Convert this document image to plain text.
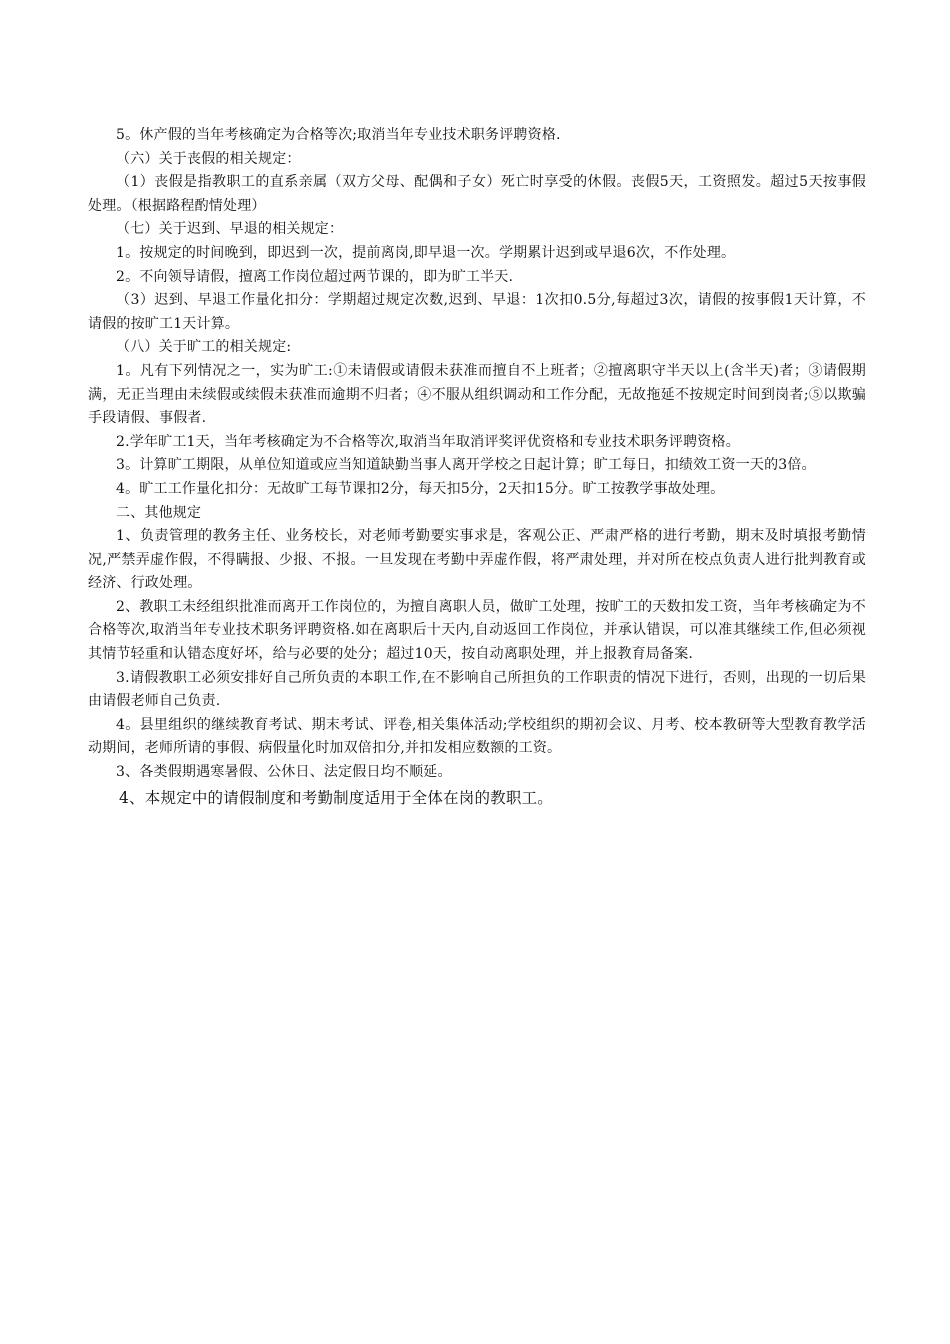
5。休产假的当年考核确定为合格等次;取消当年专业技术职务评聘资格.

（六）关于丧假的相关规定：

（1）丧假是指教职工的直系亲属（双方父母、配偶和子女）死亡时享受的休假。丧假5天，工资照发。超过5天按事假处理。（根据路程酌情处理）

（七）关于迟到、早退的相关规定：

1。按规定的时间晚到，即迟到一次，提前离岗,即早退一次。学期累计迟到或早退6次，不作处理。

2。不向领导请假，擅离工作岗位超过两节课的，即为旷工半天.

（3）迟到、早退工作量化扣分：学期超过规定次数,迟到、早退：1次扣0.5分,每超过3次，请假的按事假1天计算，不请假的按旷工1天计算。

（八）关于旷工的相关规定:

1。凡有下列情况之一，实为旷工:①未请假或请假未获准而擅自不上班者；②擅离职守半天以上(含半天)者；③请假期满，无正当理由未续假或续假未获准而逾期不归者；④不服从组织调动和工作分配，无故拖延不按规定时间到岗者;⑤以欺骗手段请假、事假者.

2.学年旷工1天，当年考核确定为不合格等次,取消当年取消评奖评优资格和专业技术职务评聘资格。

3。计算旷工期限，从单位知道或应当知道缺勤当事人离开学校之日起计算；旷工每日，扣绩效工资一天的3倍。

4。旷工工作量化扣分：无故旷工每节课扣2分，每天扣5分，2天扣15分。旷工按教学事故处理。

二、其他规定

1、负责管理的教务主任、业务校长，对老师考勤要实事求是，客观公正、严肃严格的进行考勤，期末及时填报考勤情况,严禁弄虚作假，不得瞒报、少报、不报。一旦发现在考勤中弄虚作假，将严肃处理，并对所在校点负责人进行批判教育或经济、行政处理。

2、教职工未经组织批准而离开工作岗位的，为擅自离职人员，做旷工处理，按旷工的天数扣发工资，当年考核确定为不合格等次,取消当年专业技术职务评聘资格.如在离职后十天内,自动返回工作岗位，并承认错误，可以准其继续工作,但必须视其情节轻重和认错态度好坏，给与必要的处分；超过10天，按自动离职处理，并上报教育局备案.

3.请假教职工必须安排好自己所负责的本职工作,在不影响自己所担负的工作职责的情况下进行，否则，出现的一切后果由请假老师自己负责.

4。县里组织的继续教育考试、期末考试、评卷,相关集体活动;学校组织的期初会议、月考、校本教研等大型教育教学活动期间，老师所请的事假、病假量化时加双倍扣分,并扣发相应数额的工资。

3、各类假期遇寒暑假、公休日、法定假日均不顺延。

4、本规定中的请假制度和考勤制度适用于全体在岗的教职工。
